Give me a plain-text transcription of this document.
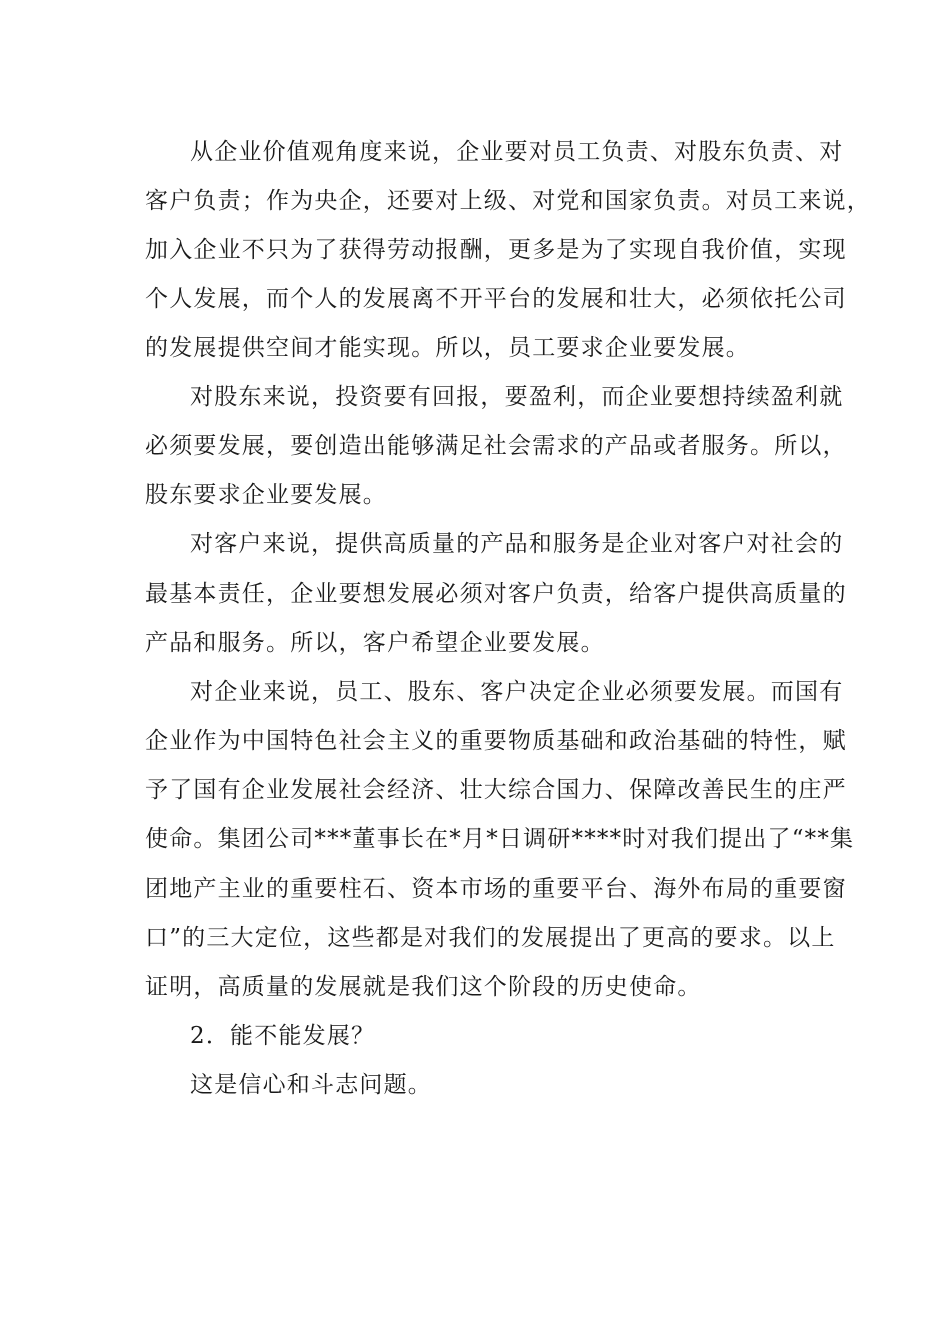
从企业价值观角度来说，企业要对员工负责、对股东负责、对
客户负责；作为央企，还要对上级、对党和国家负责。对员工来说，
加入企业不只为了获得劳动报酬，更多是为了实现自我价值，实现
个人发展，而个人的发展离不开平台的发展和壮大，必须依托公司
的发展提供空间才能实现。所以，员工要求企业要发展。
对股东来说，投资要有回报，要盈利，而企业要想持续盈利就
必须要发展，要创造出能够满足社会需求的产品或者服务。所以，
股东要求企业要发展。
对客户来说，提供高质量的产品和服务是企业对客户对社会的
最基本责任，企业要想发展必须对客户负责，给客户提供高质量的
产品和服务。所以，客户希望企业要发展。
对企业来说，员工、股东、客户决定企业必须要发展。而国有
企业作为中国特色社会主义的重要物质基础和政治基础的特性，赋
予了国有企业发展社会经济、壮大综合国力、保障改善民生的庄严
使命。集团公司***董事长在*月*日调研****时对我们提出了“**集
团地产主业的重要柱石、资本市场的重要平台、海外布局的重要窗
口”的三大定位，这些都是对我们的发展提出了更高的要求。以上
证明，高质量的发展就是我们这个阶段的历史使命。
2．能不能发展？
这是信心和斗志问题。
